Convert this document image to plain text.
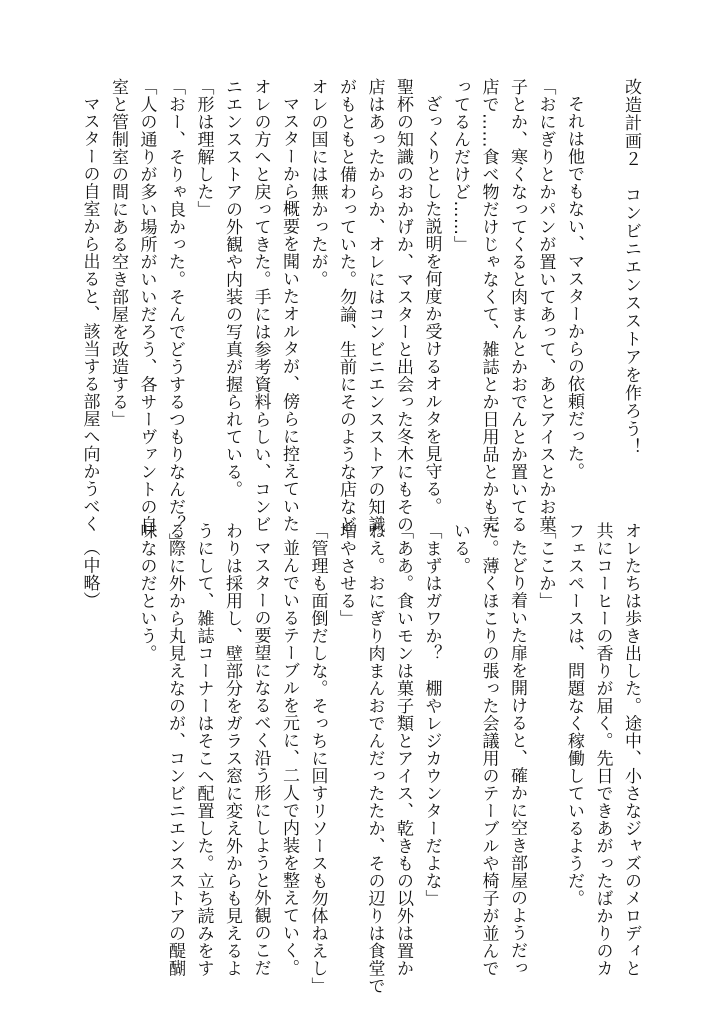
改造計画２　コンビニエンスストアを作ろう！
それは他でもない、マスターからの依頼だった。
「おにぎりとかパンが置いてあって、あとアイスとかお菓
子とか、寒くなってくると肉まんとかおでんとか置いてる
店で……食べ物だけじゃなくて、雑誌とか日用品とかも売
ってるんだけど……」
ざっくりとした説明を何度か受けるオルタを見守る。
聖杯の知識のおかげか、マスターと出会った冬木にもその
店はあったからか、オレにはコンビニエンスストアの知識
がもともと備わっていた。勿論、生前にそのような店など
オレの国には無かったが。
マスターから概要を聞いたオルタが、傍らに控えていた
オレの方へと戻ってきた。手には参考資料らしい、コンビ
ニエンスストアの外観や内装の写真が握られている。
「形は理解した」
「おー、そりゃ良かった。そんでどうするつもりなんだ？」
「人の通りが多い場所がいいだろう、各サーヴァントの自
室と管制室の間にある空き部屋を改造する」
マスターの自室から出ると、該当する部屋へ向かうべく
オレたちは歩き出した。途中、小さなジャズのメロディと
共にコーヒーの香りが届く。先日できあがったばかりのカ
フェスペースは、問題なく稼働しているようだ。
「ここか」
たどり着いた扉を開けると、確かに空き部屋のようだっ
た。薄くほこりの張った会議用のテーブルや椅子が並んで
いる。
「まずはガワか？　棚やレジカウンターだよな」
「ああ。食いモンは菓子類とアイス、乾きもの以外は置か
ねえ。おにぎり肉まんおでんだったたか、その辺りは食堂で
増やさせる」
「管理も面倒だしな。そっちに回すリソースも勿体ねえし」
並んでいるテーブルを元に、二人で内装を整えていく。
マスターの要望になるべく沿う形にしようと外観のこだ
わりは採用し、壁部分をガラス窓に変え外からも見えるよ
うにして、雑誌コーナーはそこへ配置した。立ち読みをす
る際に外から丸見えなのが、コンビニエンスストアの醍醐
味なのだという。
（中略）
